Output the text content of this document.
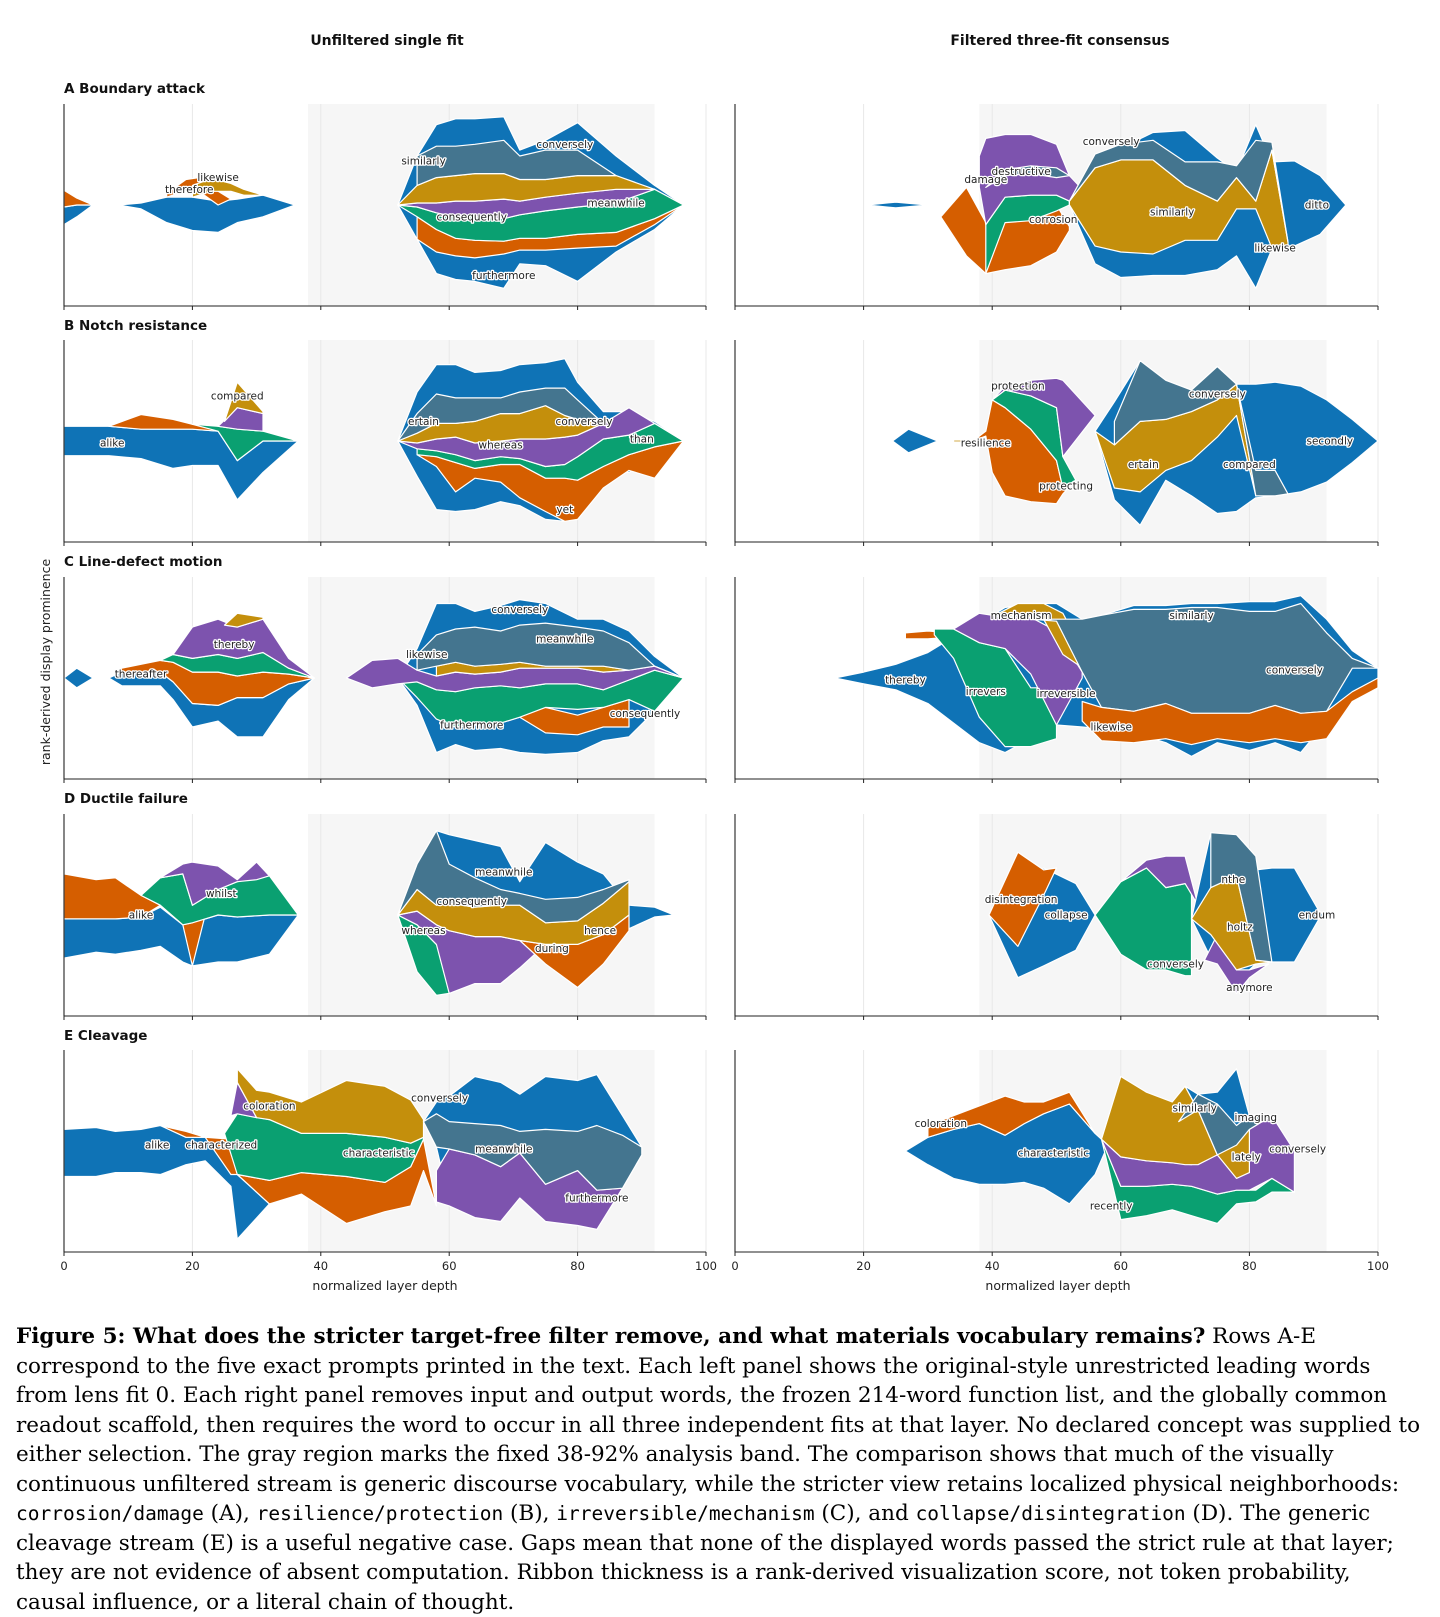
Unfiltered single fit	Filtered three-fit consensus
A Boundary attack
B Notch resistance
C Line-defect motion
D Ductile failure
E Cleavage
rank-derived display prominence
likewise
therefore
similarly
conversely
consequently
meanwhile
furthermore
conversely
destructive
damage
corrosion
similarly
ditto
likewise
alike
compared
ertain	conversely
whereas	than
yet
protection
resilience
protecting
conversely
ertain	compared
secondly
thereafter
thereby
conversely
likewise
meanwhile
furthermore
consequently
thereby
mechanism
irrevers	irreversible
similarly
conversely
likewise
alike
whilst
meanwhile
consequently
whereas	hence
during
disintegration
collapse
conversely
nthe
holtz
anymore
endum
alike characterized
coloration
conversely
characteristic	meanwhile
furthermore
0	20	40	60	80	100
coloration
characteristic
recently
similarly
imaging
lately
conversely
0	20	40	60	80	100
normalized layer depth	normalized layer depth
Figure 5: What does the stricter target-free filter remove, and what materials vocabulary remains? Rows A-E correspond to the five exact prompts printed in the text. Each left panel shows the original-style unrestricted leading words from lens fit 0. Each right panel removes input and output words, the frozen 214-word function list, and the globally common readout scaffold, then requires the word to occur in all three independent fits at that layer. No declared concept was supplied to either selection. The gray region marks the fixed 38-92% analysis band. The comparison shows that much of the visually continuous unfiltered stream is generic discourse vocabulary, while the stricter view retains localized physical neighborhoods: corrosion/damage (A), resilience/protection (B), irreversible/mechanism (C), and collapse/disintegration (D). The generic cleavage stream (E) is a useful negative case. Gaps mean that none of the displayed words passed the strict rule at that layer; they are not evidence of absent computation. Ribbon thickness is a rank-derived visualization score, not token probability, causal influence, or a literal chain of thought.
